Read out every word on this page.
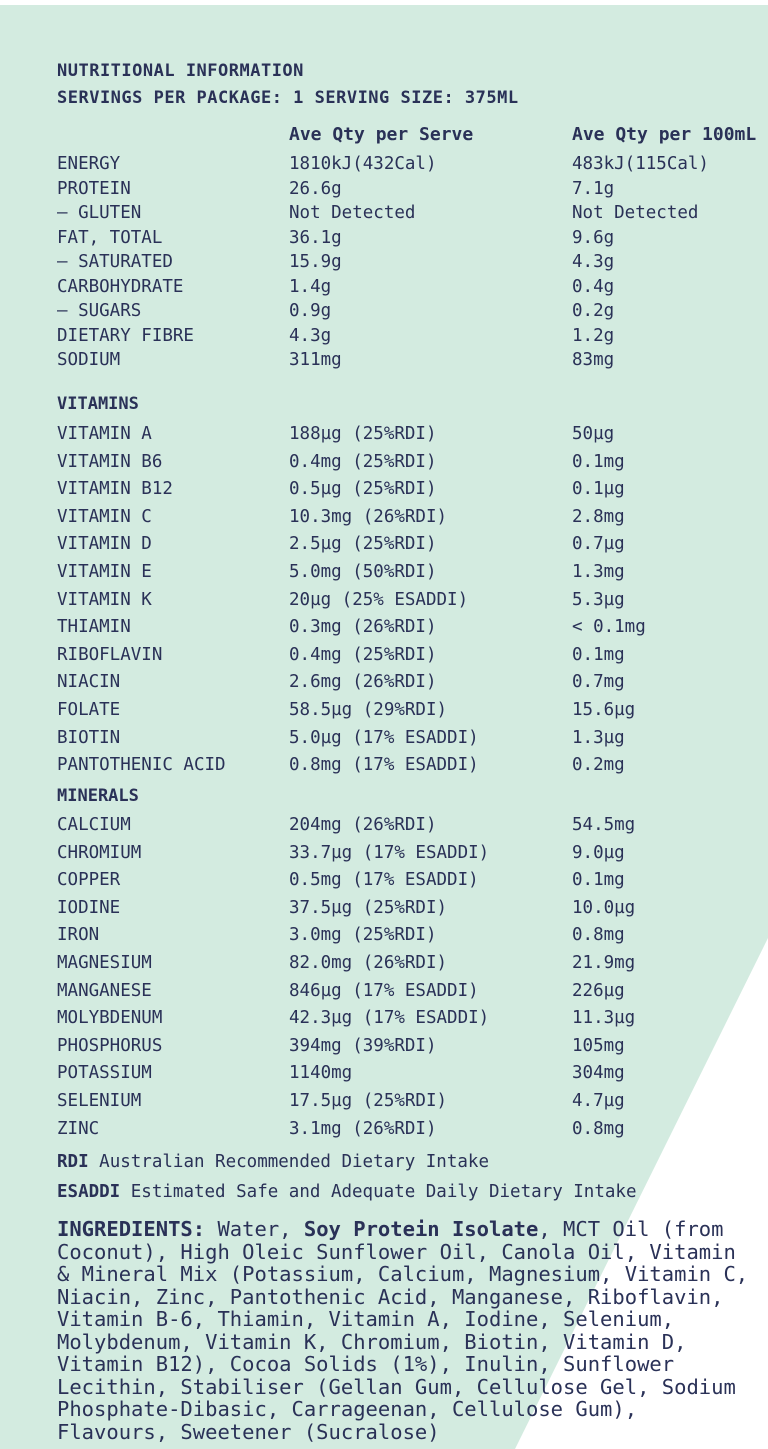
NUTRITIONAL INFORMATION
SERVINGS PER PACKAGE: 1 SERVING SIZE: 375ML
Ave Qty per Serve	Ave Qty per 100mL
ENERGY	1810kJ(432Cal)	483kJ(115Cal)
PROTEIN	26.6g	7.1g
– GLUTEN	Not Detected	Not Detected
FAT, TOTAL	36.1g	9.6g
– SATURATED	15.9g	4.3g
CARBOHYDRATE	1.4g	0.4g
– SUGARS	0.9g	0.2g
DIETARY FIBRE	4.3g	1.2g
SODIUM	311mg	83mg
VITAMINS
VITAMIN A	188µg (25%RDI)	50µg
VITAMIN B6	0.4mg (25%RDI)	0.1mg
VITAMIN B12	0.5µg (25%RDI)	0.1µg
VITAMIN C	10.3mg (26%RDI)	2.8mg
VITAMIN D	2.5µg (25%RDI)	0.7µg
VITAMIN E	5.0mg (50%RDI)	1.3mg
VITAMIN K	20µg (25% ESADDI)	5.3µg
THIAMIN	0.3mg (26%RDI)	< 0.1mg
RIBOFLAVIN	0.4mg (25%RDI)	0.1mg
NIACIN	2.6mg (26%RDI)	0.7mg
FOLATE	58.5µg (29%RDI)	15.6µg
BIOTIN	5.0µg (17% ESADDI)	1.3µg
PANTOTHENIC ACID	0.8mg (17% ESADDI)	0.2mg
MINERALS
CALCIUM	204mg (26%RDI)	54.5mg
CHROMIUM	33.7µg (17% ESADDI)	9.0µg
COPPER	0.5mg (17% ESADDI)	0.1mg
IODINE	37.5µg (25%RDI)	10.0µg
IRON	3.0mg (25%RDI)	0.8mg
MAGNESIUM	82.0mg (26%RDI)	21.9mg
MANGANESE	846µg (17% ESADDI)	226µg
MOLYBDENUM	42.3µg (17% ESADDI)	11.3µg
PHOSPHORUS	394mg (39%RDI)	105mg
POTASSIUM	1140mg	304mg
SELENIUM	17.5µg (25%RDI)	4.7µg
ZINC	3.1mg (26%RDI)	0.8mg
RDI Australian Recommended Dietary Intake
ESADDI Estimated Safe and Adequate Daily Dietary Intake

INGREDIENTS: Water, Soy Protein Isolate, MCT Oil (from Coconut), High Oleic Sunflower Oil, Canola Oil, Vitamin & Mineral Mix (Potassium, Calcium, Magnesium, Vitamin C, Niacin, Zinc, Pantothenic Acid, Manganese, Riboflavin, Vitamin B-6, Thiamin, Vitamin A, Iodine, Selenium, Molybdenum, Vitamin K, Chromium, Biotin, Vitamin D, Vitamin B12), Cocoa Solids (1%), Inulin, Sunflower Lecithin, Stabiliser (Gellan Gum, Cellulose Gel, Sodium Phosphate-Dibasic, Carrageenan, Cellulose Gum), Flavours, Sweetener (Sucralose)
